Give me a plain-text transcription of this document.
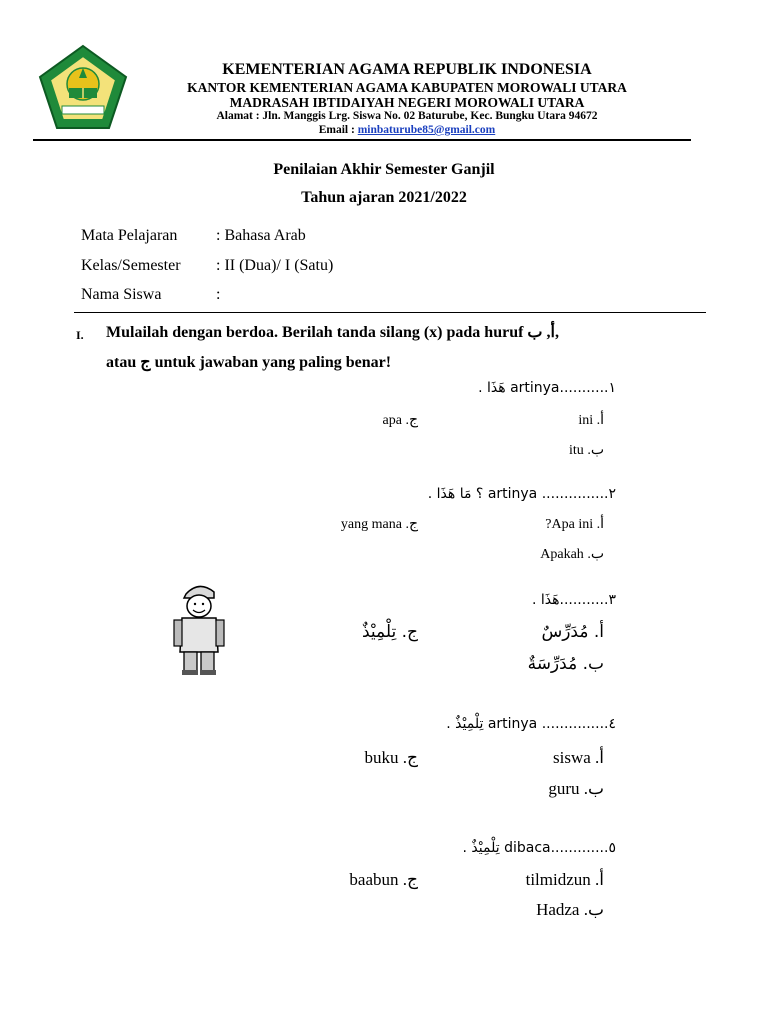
KEMENTERIAN AGAMA REPUBLIK INDONESIA
KANTOR KEMENTERIAN AGAMA KABUPATEN MOROWALI UTARA
MADRASAH IBTIDAIYAH NEGERI MOROWALI UTARA
Alamat : Jln. Manggis Lrg. Siswa No. 02 Baturube, Kec. Bungku Utara 94672
Email : minbaturube85@gmail.com
Penilaian Akhir Semester Ganjil
Tahun ajaran 2021/2022
Mata Pelajaran : Bahasa Arab
Kelas/Semester : II (Dua)/ I (Satu)
Nama Siswa	:
I. Mulailah dengan berdoa. Berilah tanda silang (x) pada huruf أ, ب,
atau ج untuk jawaban yang paling benar!
١...........artinya هَذَا .
أ. ini
ب. itu
ج. apa
٢............... artinya ؟ مَا هَذَا .
أ. Apa ini?
ب. Apakah
ج. yang mana
٣...........هَذَا .
أ. مُدَرِّسٌ
ب. مُدَرِّسَةٌ
ج. تِلْمِيْذٌ
٤............... artinya تِلْمِيْذٌ .
أ. siswa
ب. guru
ج. buku
٥.............dibaca تِلْمِيْذٌ .
أ. tilmidzun
ب. Hadza
ج. baabun
